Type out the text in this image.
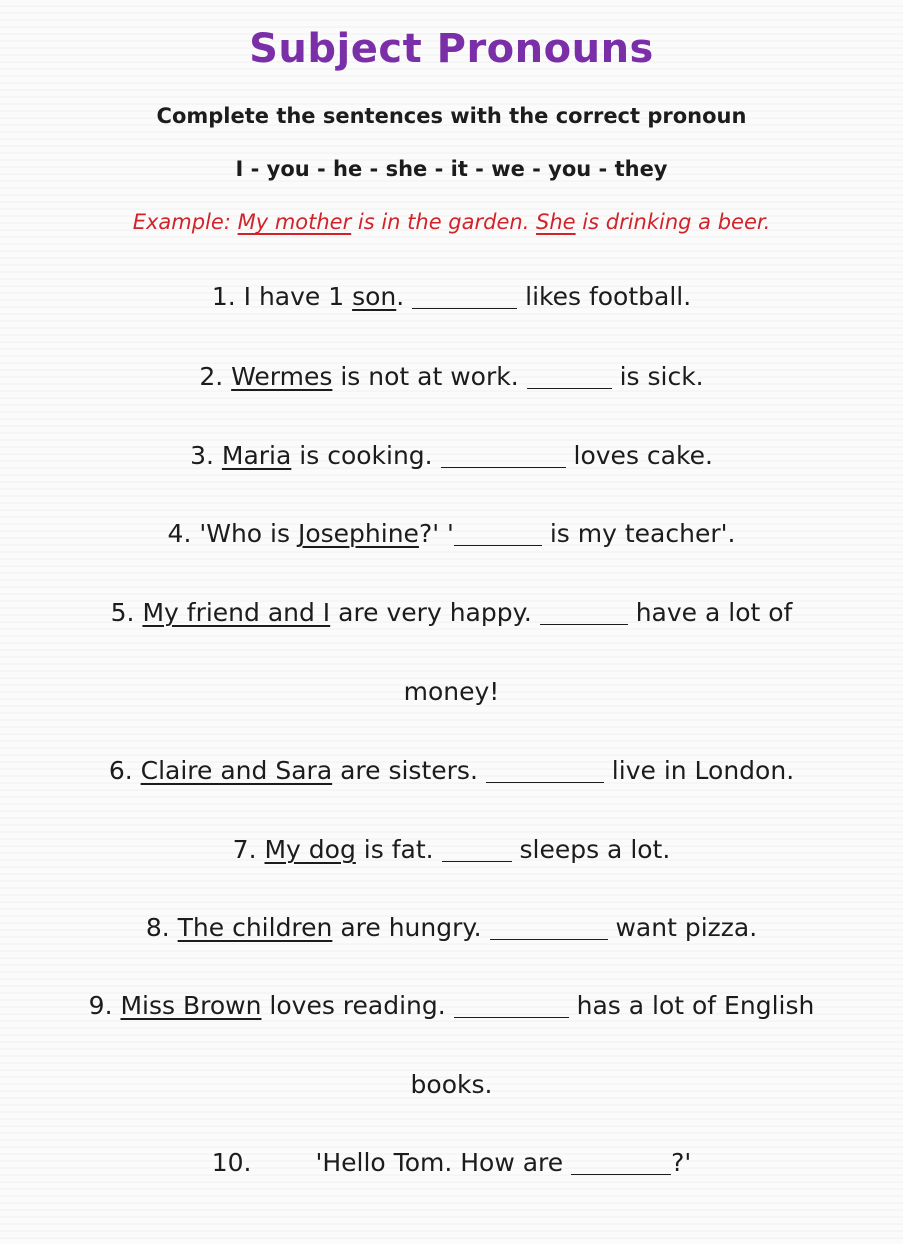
Subject Pronouns
Complete the sentences with the correct pronoun
I - you - he - she - it - we - you - they
Example: My mother is in the garden. She is drinking a beer.
1. I have 1 son.	likes football.
2. Wermes is not at work.	is sick.
3. Maria is cooking.	loves cake.
4. 'Who is Josephine?' '	is my teacher'.
5. My friend and I are very happy.	have a lot of
money!
6. Claire and Sara are sisters.	live in London.
7. My dog is fat.	sleeps a lot.
8. The children are hungry.	want pizza.
9. Miss Brown loves reading.	has a lot of English
books.
10.	'Hello Tom. How are	?'
